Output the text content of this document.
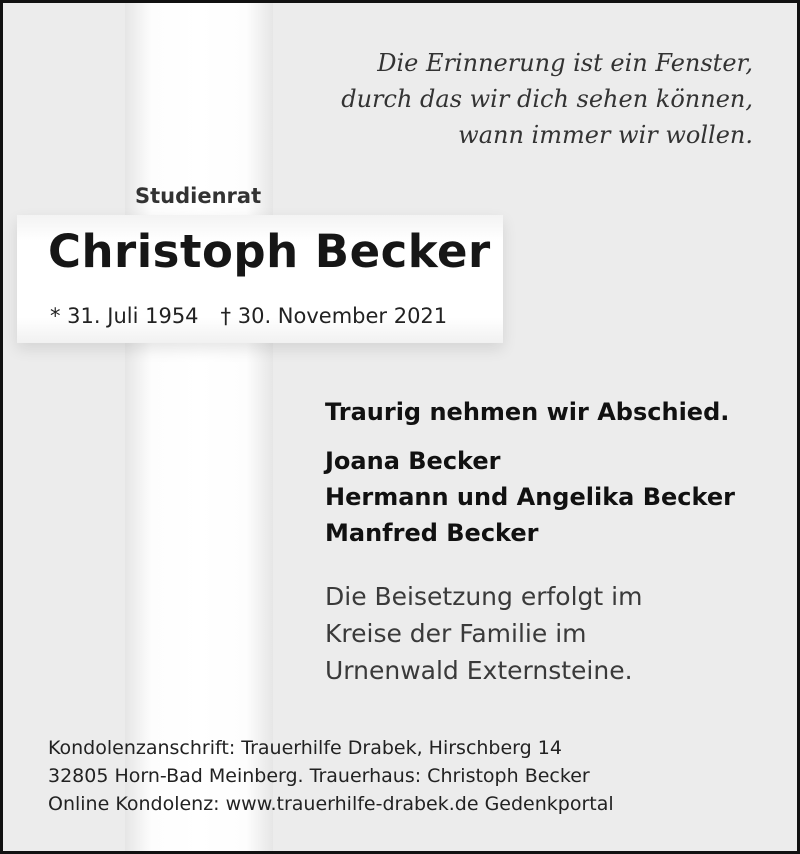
Die Erinnerung ist ein Fenster,
durch das wir dich sehen können,
wann immer wir wollen.
Studienrat
Christoph Becker
* 31. Juli 1954 † 30. November 2021
Traurig nehmen wir Abschied.
Joana Becker
Hermann und Angelika Becker
Manfred Becker
Die Beisetzung erfolgt im
Kreise der Familie im
Urnenwald Externsteine.
Kondolenzanschrift: Trauerhilfe Drabek, Hirschberg 14
32805 Horn-Bad Meinberg. Trauerhaus: Christoph Becker
Online Kondolenz: www.trauerhilfe-drabek.de Gedenkportal
